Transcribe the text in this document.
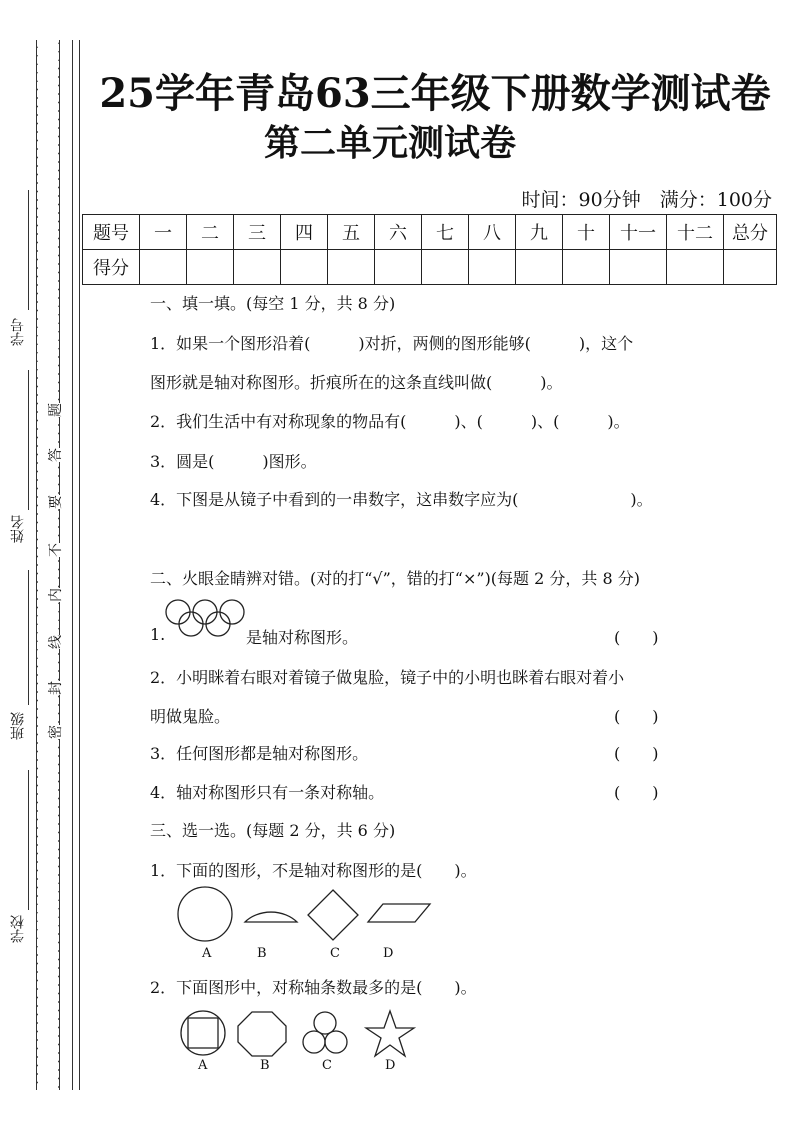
学号
姓名
班级
学校
题
答
要
不
内
线
封
密
25学年青岛63三年级下册数学测试卷
第二单元测试卷
时间：90分钟　满分：100分
题号	一	二	三	四	五	六	七	八	九	十	十一	十二	总分
得分													
一、填一填。(每空 1 分，共 8 分)
1．如果一个图形沿着(　　　)对折，两侧的图形能够(　　　)，这个
图形就是轴对称图形。折痕所在的这条直线叫做(　　　)。
2．我们生活中有对称现象的物品有(　　　)、(　　　)、(　　　)。
3．圆是(　　　)图形。
4．下图是从镜子中看到的一串数字，这串数字应为(　　　　　　　)。
二、火眼金睛辨对错。(对的打“√”，错的打“×”)(每题 2 分，共 8 分)
1.	是轴对称图形。	(　　)
2．小明眯着右眼对着镜子做鬼脸，镜子中的小明也眯着右眼对着小
明做鬼脸。	(　　)
3．任何图形都是轴对称图形。	(　　)
4．轴对称图形只有一条对称轴。	(　　)
三、选一选。(每题 2 分，共 6 分)
1．下面的图形，不是轴对称图形的是(　　)。
A	B	C	D
2．下面图形中，对称轴条数最多的是(　　)。
A	B	C	D
